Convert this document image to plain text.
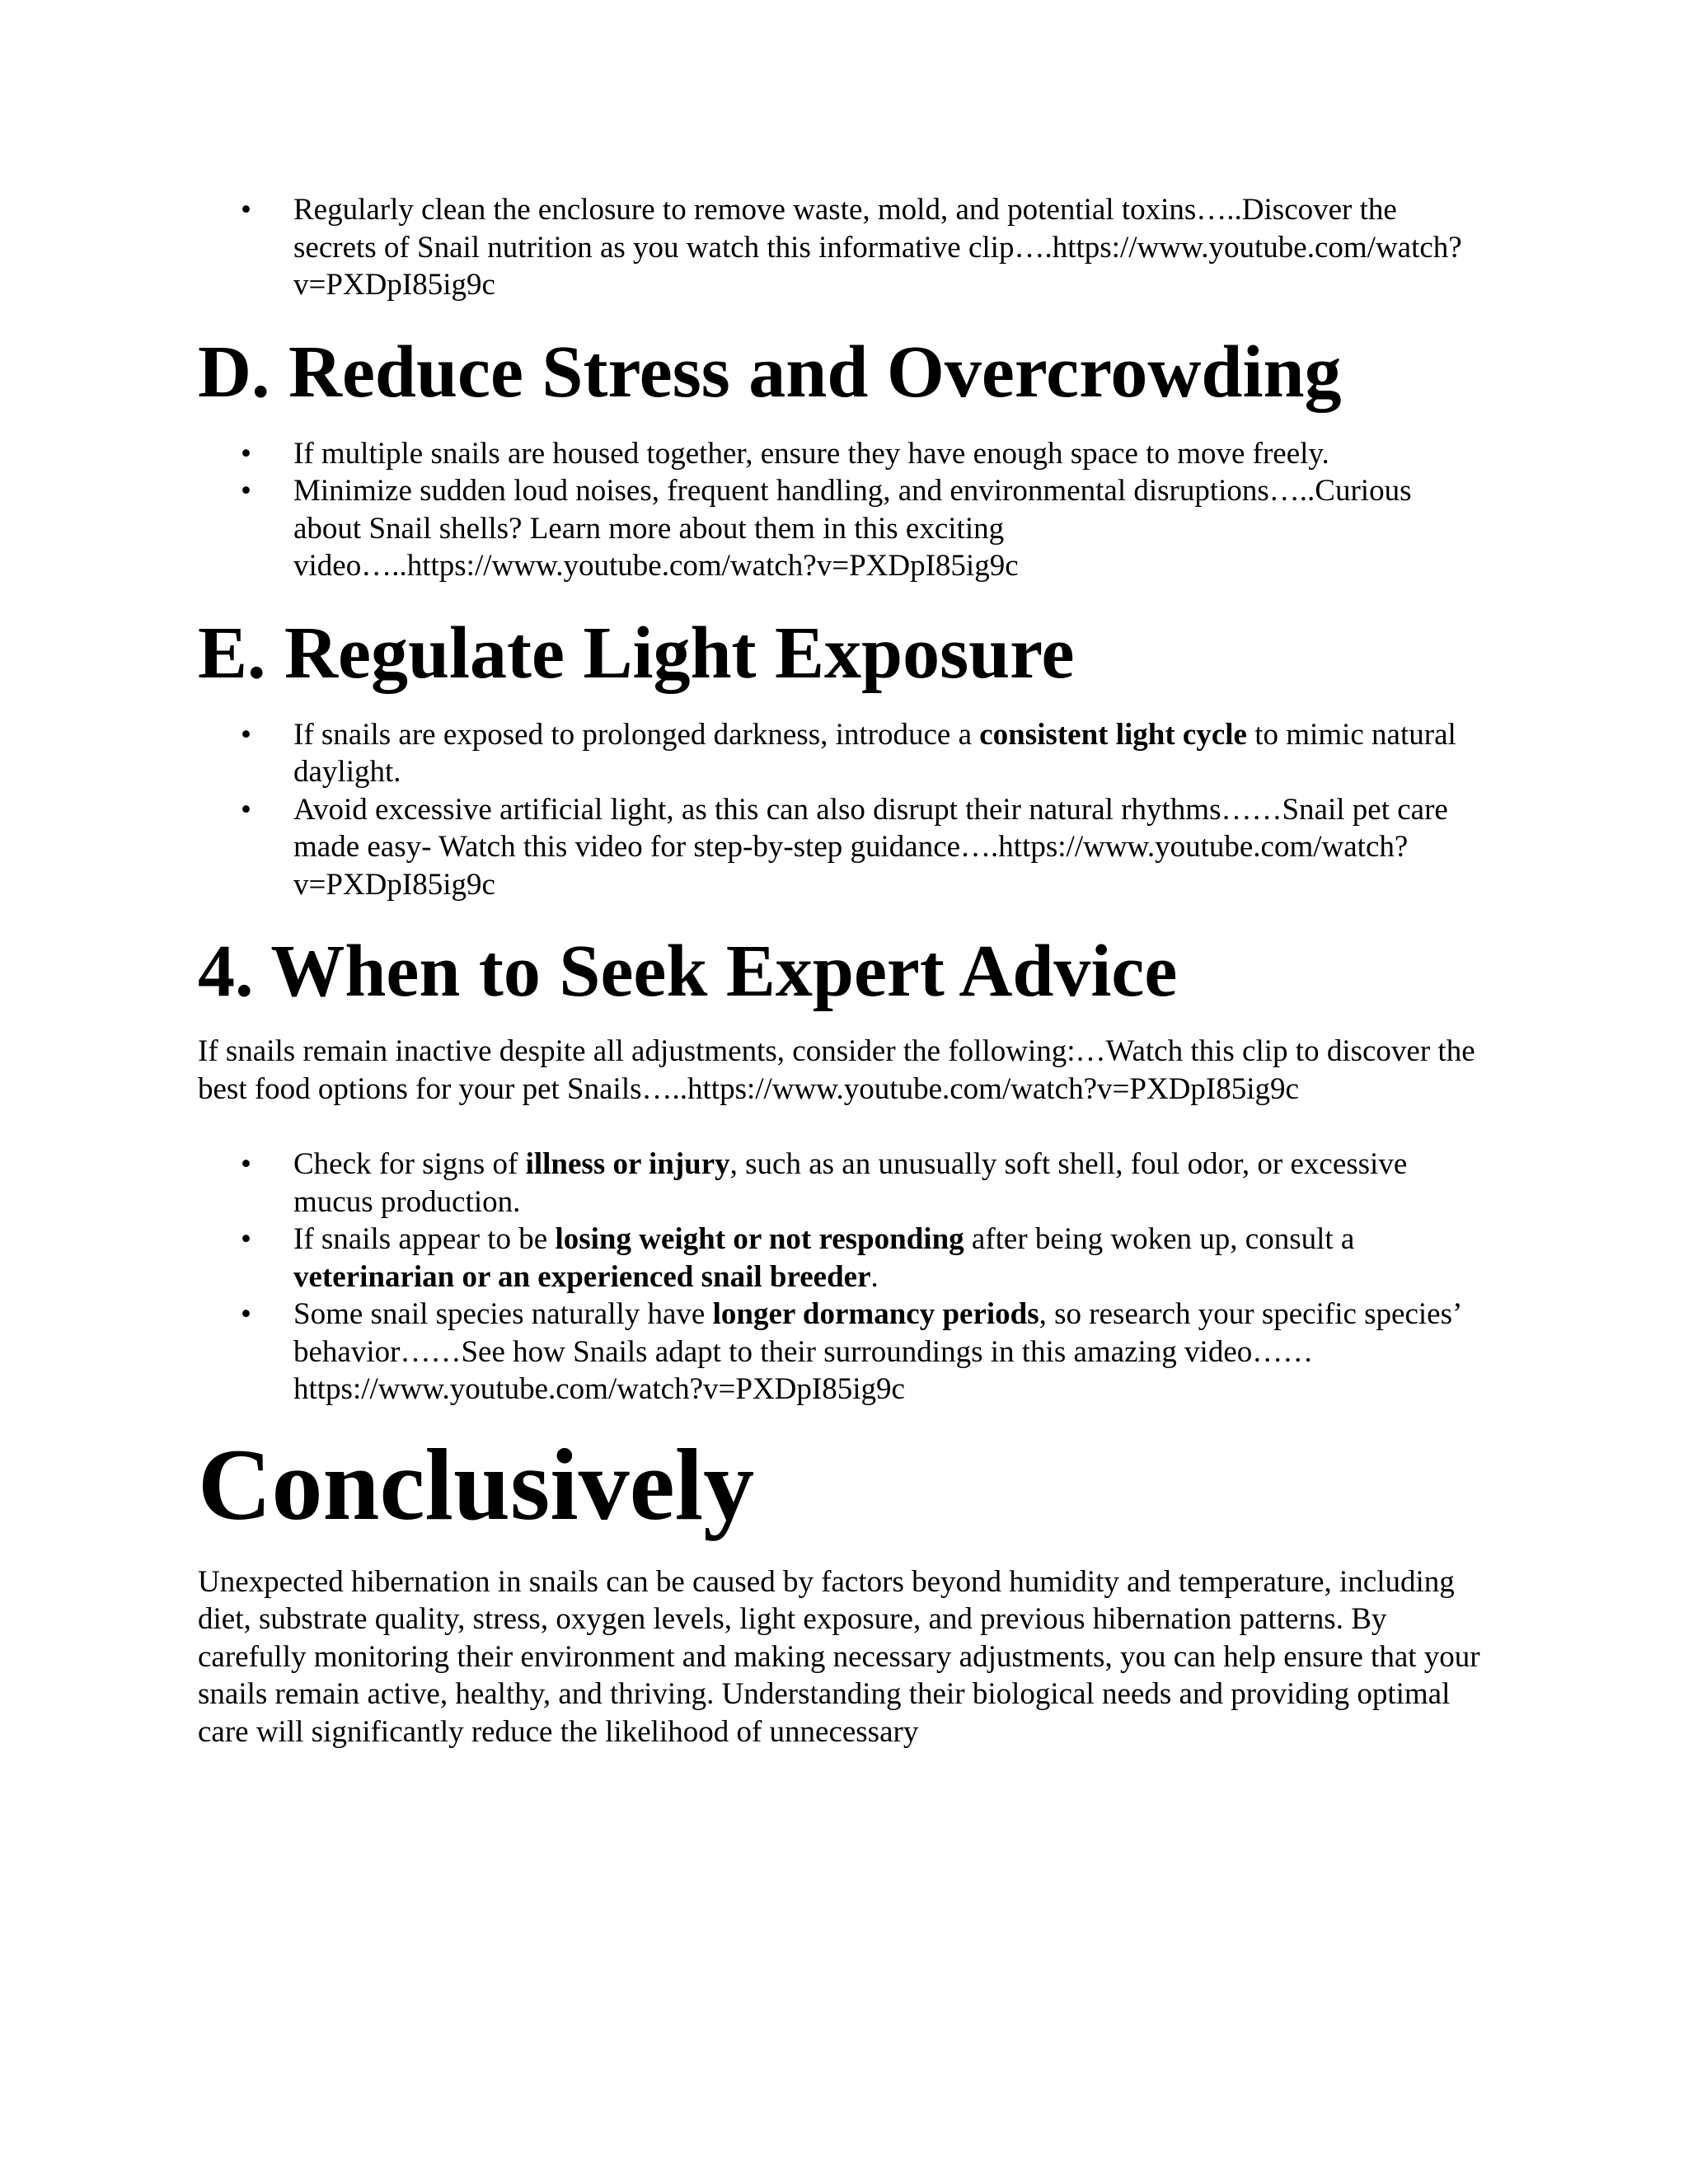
• Regularly clean the enclosure to remove waste, mold, and potential toxins…..Discover the secrets of Snail nutrition as you watch this informative clip….https://www.youtube.com/watch?v=PXDpI85ig9c
D. Reduce Stress and Overcrowding
• If multiple snails are housed together, ensure they have enough space to move freely.
• Minimize sudden loud noises, frequent handling, and environmental disruptions…..Curious about Snail shells? Learn more about them in this exciting video…..https://www.youtube.com/watch?v=PXDpI85ig9c
E. Regulate Light Exposure
• If snails are exposed to prolonged darkness, introduce a consistent light cycle to mimic natural daylight.
• Avoid excessive artificial light, as this can also disrupt their natural rhythms……Snail pet care made easy- Watch this video for step-by-step guidance….https://www.youtube.com/watch?v=PXDpI85ig9c
4. When to Seek Expert Advice

If snails remain inactive despite all adjustments, consider the following:…Watch this clip to discover the best food options for your pet Snails…..https://www.youtube.com/watch?v=PXDpI85ig9c

• Check for signs of illness or injury, such as an unusually soft shell, foul odor, or excessive mucus production.
• If snails appear to be losing weight or not responding after being woken up, consult a veterinarian or an experienced snail breeder.
• Some snail species naturally have longer dormancy periods, so research your specific species’ behavior……See how Snails adapt to their surroundings in this amazing video……https://www.youtube.com/watch?v=PXDpI85ig9c
Conclusively

Unexpected hibernation in snails can be caused by factors beyond humidity and temperature, including diet, substrate quality, stress, oxygen levels, light exposure, and previous hibernation patterns. By carefully monitoring their environment and making necessary adjustments, you can help ensure that your snails remain active, healthy, and thriving. Understanding their biological needs and providing optimal care will significantly reduce the likelihood of unnecessary
